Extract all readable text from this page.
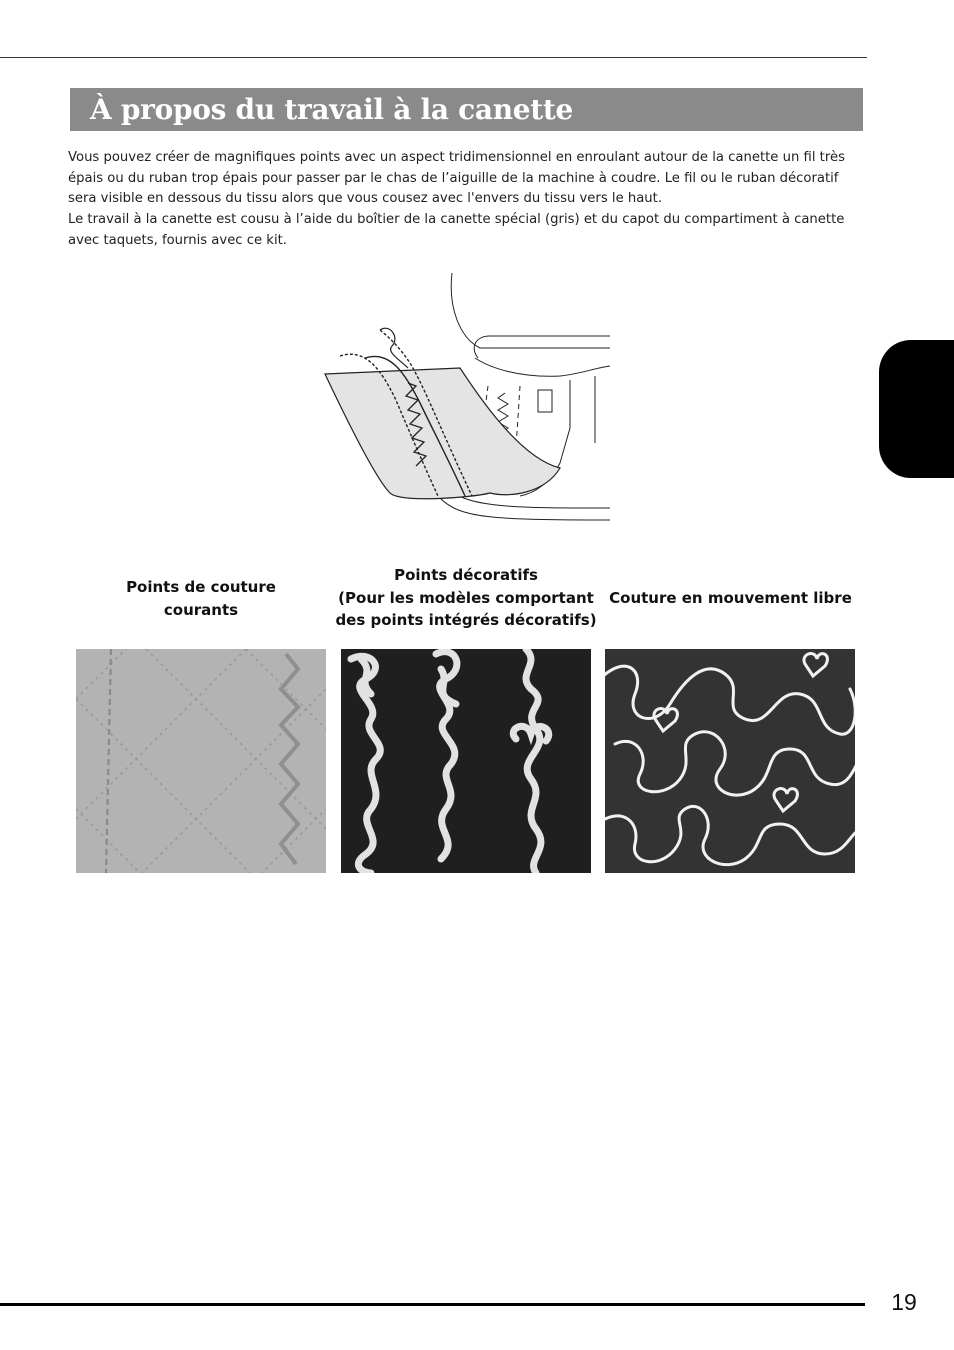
À propos du travail à la canette

Vous pouvez créer de magnifiques points avec un aspect tridimensionnel en enroulant autour de la canette un fil très épais ou du ruban trop épais pour passer par le chas de l’aiguille de la machine à coudre. Le fil ou le ruban décoratif sera visible en dessous du tissu alors que vous cousez avec l'envers du tissu vers le haut.

Le travail à la canette est cousu à l’aide du boîtier de la canette spécial (gris) et du capot du compartiment à canette avec taquets, fournis avec ce kit.

Points de couture
courants
Points décoratifs
(Pour les modèles comportant
des points intégrés décoratifs)
Couture en mouvement libre
19
